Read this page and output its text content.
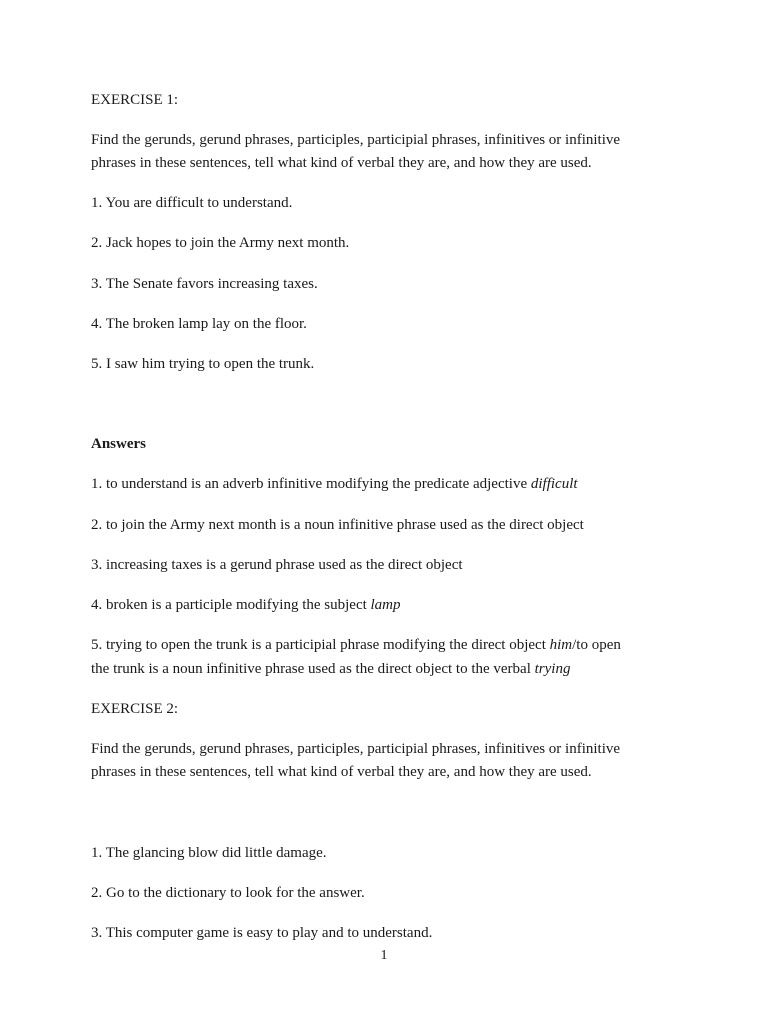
EXERCISE 1:

Find the gerunds, gerund phrases, participles, participial phrases, infinitives or infinitive

phrases in these sentences, tell what kind of verbal they are, and how they are used.

1. You are difficult to understand.

2. Jack hopes to join the Army next month.

3. The Senate favors increasing taxes.

4. The broken lamp lay on the floor.

5. I saw him trying to open the trunk.

Answers

1. to understand is an adverb infinitive modifying the predicate adjective difficult

2. to join the Army next month is a noun infinitive phrase used as the direct object

3. increasing taxes is a gerund phrase used as the direct object

4. broken is a participle modifying the subject lamp

5. trying to open the trunk is a participial phrase modifying the direct object him/to open

the trunk is a noun infinitive phrase used as the direct object to the verbal trying

EXERCISE 2:

Find the gerunds, gerund phrases, participles, participial phrases, infinitives or infinitive

phrases in these sentences, tell what kind of verbal they are, and how they are used.

1. The glancing blow did little damage.

2. Go to the dictionary to look for the answer.

3. This computer game is easy to play and to understand.

1
